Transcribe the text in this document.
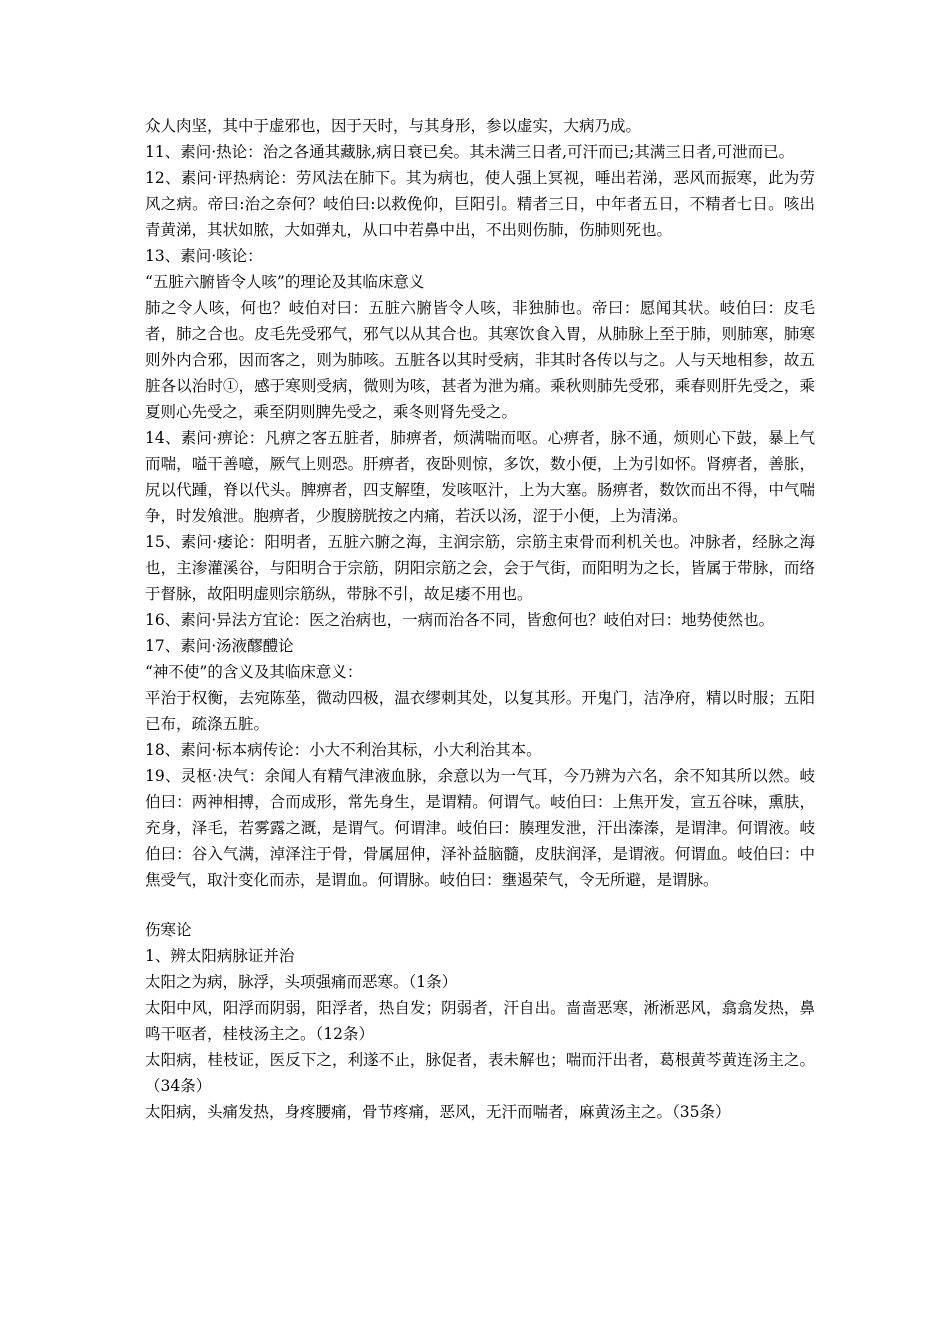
众人肉坚，其中于虚邪也，因于天时，与其身形，参以虚实，大病乃成。

11、素问·热论：治之各通其藏脉,病日衰已矣。其未满三日者,可汗而已;其满三日者,可泄而已。

12、素问·评热病论：劳风法在肺下。其为病也，使人强上冥视，唾出若涕，恶风而振寒，此为劳风之病。帝曰:治之奈何？岐伯曰:以救俛仰，巨阳引。精者三日，中年者五日，不精者七日。咳出青黄涕，其状如脓，大如弹丸，从口中若鼻中出，不出则伤肺，伤肺则死也。

13、素问·咳论：

“五脏六腑皆令人咳”的理论及其临床意义

肺之令人咳，何也？岐伯对曰：五脏六腑皆令人咳，非独肺也。帝曰：愿闻其状。岐伯曰：皮毛者，肺之合也。皮毛先受邪气，邪气以从其合也。其寒饮食入胃，从肺脉上至于肺，则肺寒，肺寒则外内合邪，因而客之，则为肺咳。五脏各以其时受病，非其时各传以与之。人与天地相参，故五脏各以治时①，感于寒则受病，微则为咳，甚者为泄为痛。乘秋则肺先受邪，乘春则肝先受之，乘夏则心先受之，乘至阴则脾先受之，乘冬则肾先受之。

14、素问·痹论：凡痹之客五脏者，肺痹者，烦满喘而呕。心痹者，脉不通，烦则心下鼓，暴上气而喘，嗌干善噫，厥气上则恐。肝痹者，夜卧则惊，多饮，数小便，上为引如怀。肾痹者，善胀，尻以代踵，脊以代头。脾痹者，四支解堕，发咳呕汁，上为大塞。肠痹者，数饮而出不得，中气喘争，时发飧泄。胞痹者，少腹膀胱按之内痛，若沃以汤，涩于小便，上为清涕。

15、素问·痿论：阳明者，五脏六腑之海，主润宗筋，宗筋主束骨而利机关也。冲脉者，经脉之海也，主渗灌溪谷，与阳明合于宗筋，阴阳宗筋之会，会于气街，而阳明为之长，皆属于带脉，而络于督脉，故阳明虚则宗筋纵，带脉不引，故足痿不用也。

16、素问·异法方宜论：医之治病也，一病而治各不同，皆愈何也？岐伯对曰：地势使然也。

17、素问·汤液醪醴论

“神不使”的含义及其临床意义：

平治于权衡，去宛陈莝，微动四极，温衣缪刺其处，以复其形。开鬼门，洁净府，精以时服；五阳已布，疏涤五脏。

18、素问·标本病传论：小大不利治其标，小大利治其本。

19、灵枢·决气：余闻人有精气津液血脉，余意以为一气耳，今乃辨为六名，余不知其所以然。岐伯曰：两神相搏，合而成形，常先身生，是谓精。何谓气。岐伯曰：上焦开发，宣五谷味，熏肤，充身，泽毛，若雾露之溉，是谓气。何谓津。岐伯曰：腠理发泄，汗出溱溱，是谓津。何谓液。岐伯曰：谷入气满，淖泽注于骨，骨属屈伸，泽补益脑髓，皮肤润泽，是谓液。何谓血。岐伯曰：中焦受气，取汁变化而赤，是谓血。何谓脉。岐伯曰：壅遏荣气，令无所避，是谓脉。

伤寒论

1、辨太阳病脉证并治

太阳之为病，脉浮，头项强痛而恶寒。（1条）

太阳中风，阳浮而阴弱，阳浮者，热自发；阴弱者，汗自出。啬啬恶寒，淅淅恶风，翕翕发热，鼻鸣干呕者，桂枝汤主之。（12条）

太阳病，桂枝证，医反下之，利遂不止，脉促者，表未解也；喘而汗出者，葛根黄芩黄连汤主之。（34条）

太阳病，头痛发热，身疼腰痛，骨节疼痛，恶风，无汗而喘者，麻黄汤主之。（35条）
